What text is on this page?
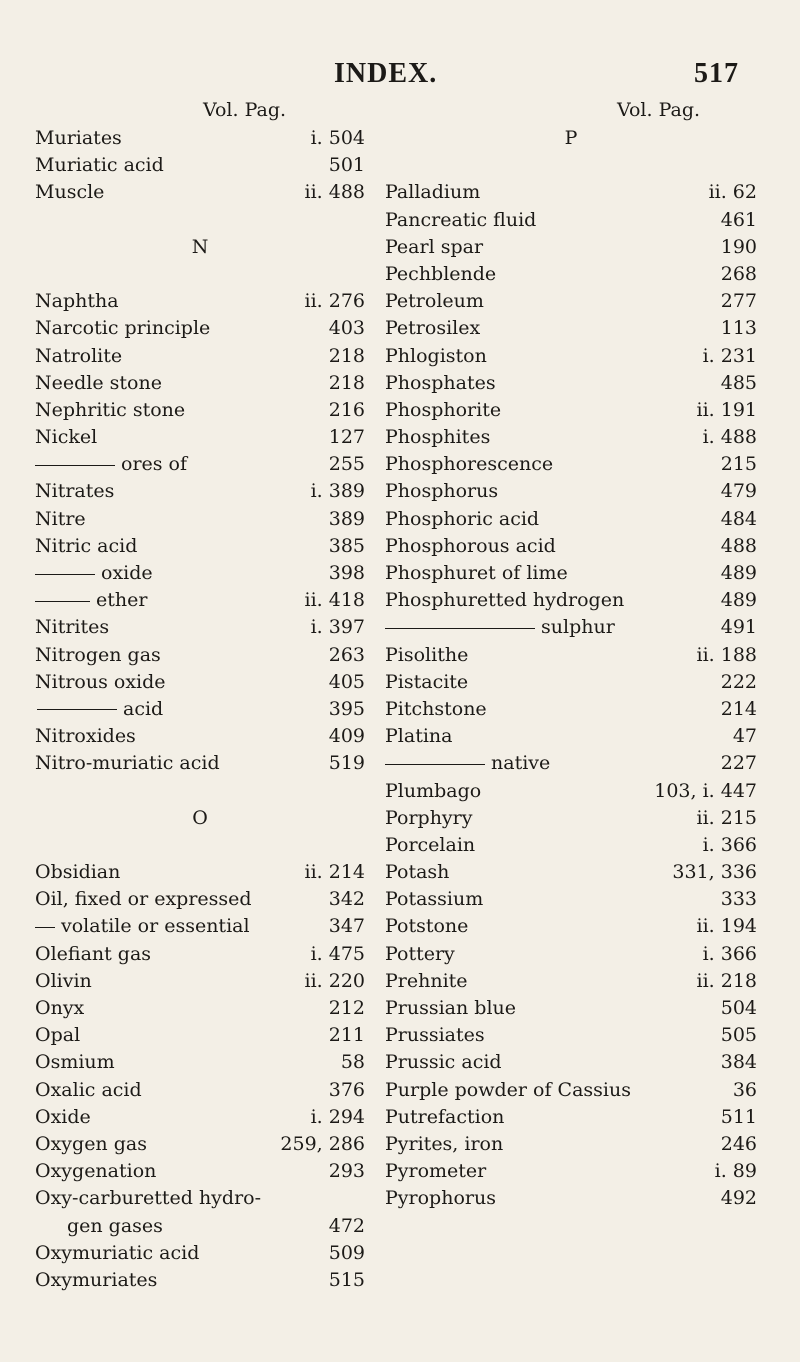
INDEX.	517
Vol. Pag.
Muriates	i. 504
Muriatic acid	501
Muscle	ii. 488
N
Naphtha	ii. 276
Narcotic principle	403
Natrolite	218
Needle stone	218
Nephritic stone	216
Nickel	127
ores of	255
Nitrates	i. 389
Nitre	389
Nitric acid	385
oxide	398
ether	ii. 418
Nitrites	i. 397
Nitrogen gas	263
Nitrous oxide	405
acid	395
Nitroxides	409
Nitro-muriatic acid	519
O
Obsidian	ii. 214
Oil, fixed or expressed	342
volatile or essential	347
Olefiant gas	i. 475
Olivin	ii. 220
Onyx	212
Opal	211
Osmium	58
Oxalic acid	376
Oxide	i. 294
Oxygen gas	259, 286
Oxygenation	293
Oxy-carburetted hydro-
gen gases	472
Oxymuriatic acid	509
Oxymuriates	515
Vol. Pag.
P
Palladium	ii. 62
Pancreatic fluid	461
Pearl spar	190
Pechblende	268
Petroleum	277
Petrosilex	113
Phlogiston	i. 231
Phosphates	485
Phosphorite	ii. 191
Phosphites	i. 488
Phosphorescence	215
Phosphorus	479
Phosphoric acid	484
Phosphorous acid	488
Phosphuret of lime	489
Phosphuretted hydrogen	489
sulphur	491
Pisolithe	ii. 188
Pistacite	222
Pitchstone	214
Platina	47
native	227
Plumbago	103, i. 447
Porphyry	ii. 215
Porcelain	i. 366
Potash	331, 336
Potassium	333
Potstone	ii. 194
Pottery	i. 366
Prehnite	ii. 218
Prussian blue	504
Prussiates	505
Prussic acid	384
Purple powder of Cassius	36
Putrefaction	511
Pyrites, iron	246
Pyrometer	i. 89
Pyrophorus	492
